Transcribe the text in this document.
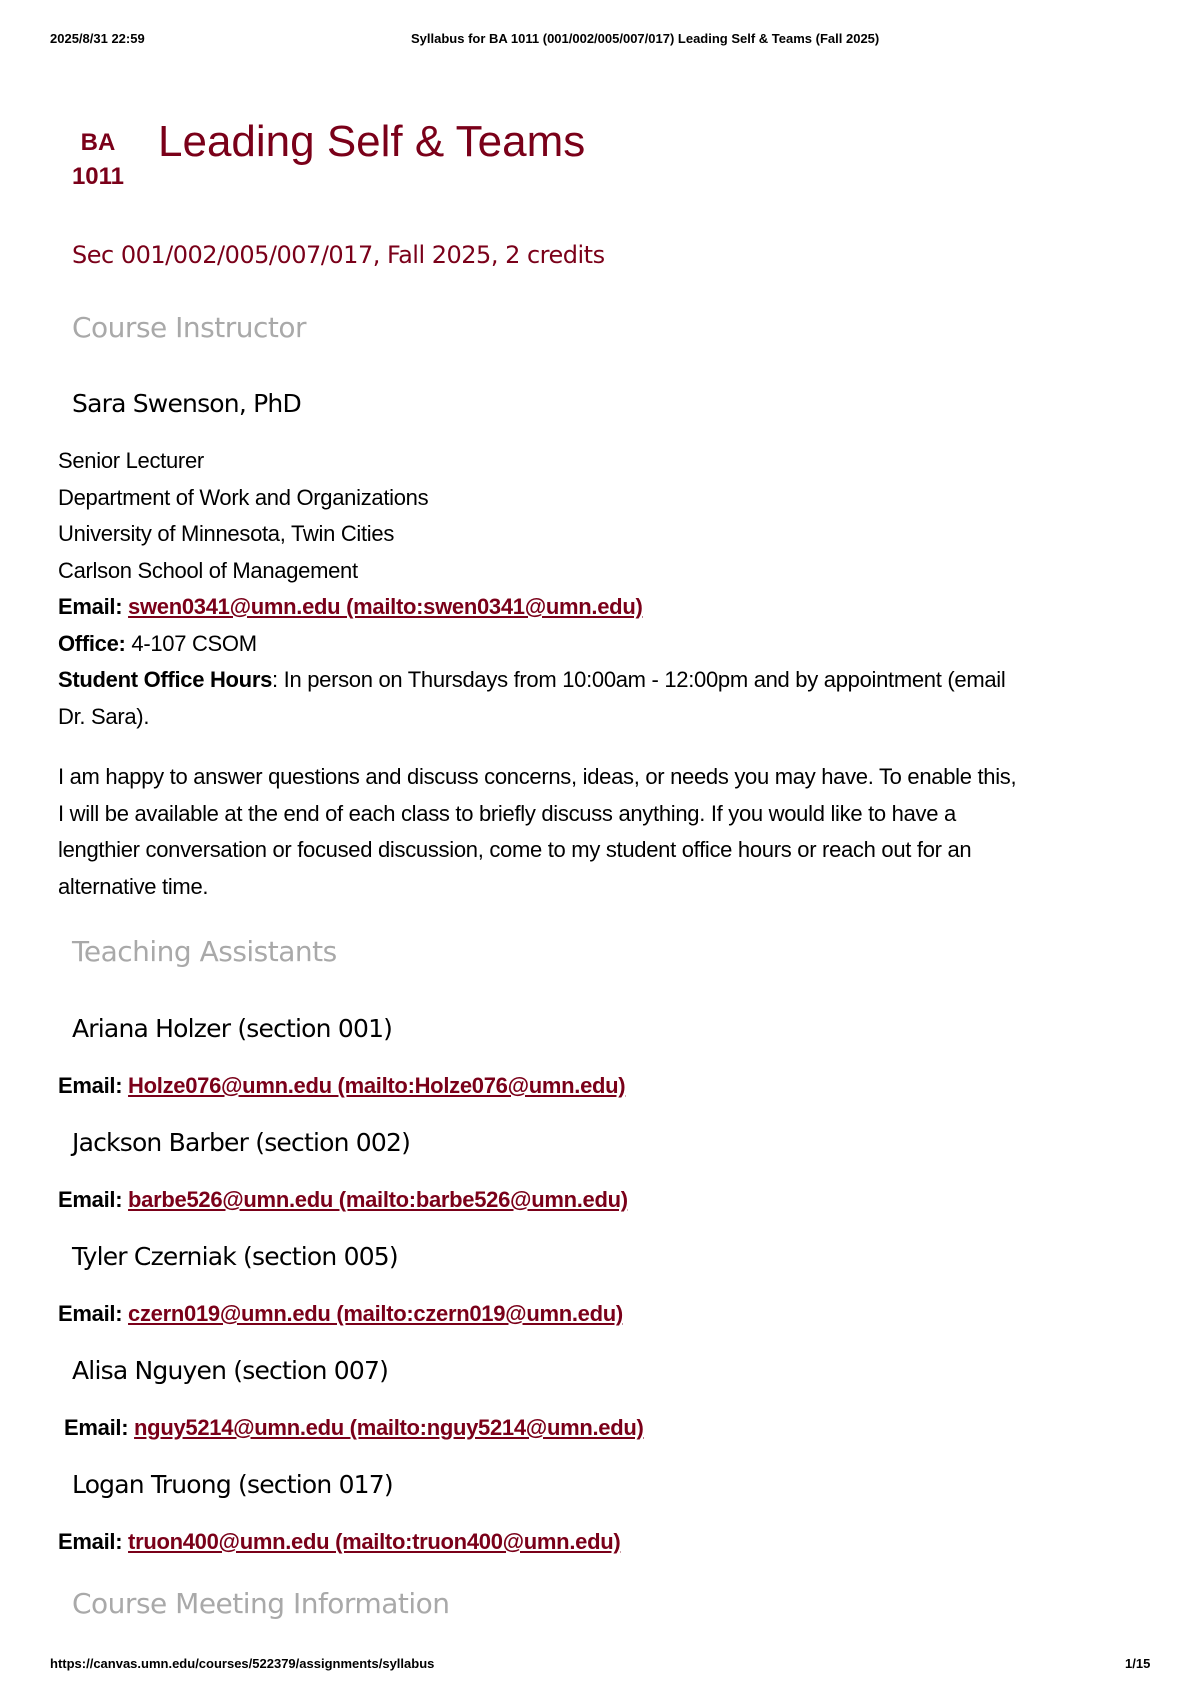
2025/8/31 22:59	Syllabus for BA 1011 (001/002/005/007/017) Leading Self & Teams (Fall 2025)
BA
1011
Leading Self & Teams
Sec 001/002/005/007/017, Fall 2025, 2 credits
Course Instructor
Sara Swenson, PhD
Senior Lecturer
Department of Work and Organizations
University of Minnesota, Twin Cities
Carlson School of Management
Email: swen0341@umn.edu (mailto:swen0341@umn.edu)
Office: 4-107 CSOM
Student Office Hours: In person on Thursdays from 10:00am - 12:00pm and by appointment (email
Dr. Sara).
I am happy to answer questions and discuss concerns, ideas, or needs you may have. To enable this,
I will be available at the end of each class to briefly discuss anything. If you would like to have a
lengthier conversation or focused discussion, come to my student office hours or reach out for an
alternative time.
Teaching Assistants
Ariana Holzer (section 001)
Email: Holze076@umn.edu (mailto:Holze076@umn.edu)
Jackson Barber (section 002)
Email: barbe526@umn.edu (mailto:barbe526@umn.edu)
Tyler Czerniak (section 005)
Email: czern019@umn.edu (mailto:czern019@umn.edu)
Alisa Nguyen (section 007)
Email: nguy5214@umn.edu (mailto:nguy5214@umn.edu)
Logan Truong (section 017)
Email: truon400@umn.edu (mailto:truon400@umn.edu)
Course Meeting Information
https://canvas.umn.edu/courses/522379/assignments/syllabus	1/15
